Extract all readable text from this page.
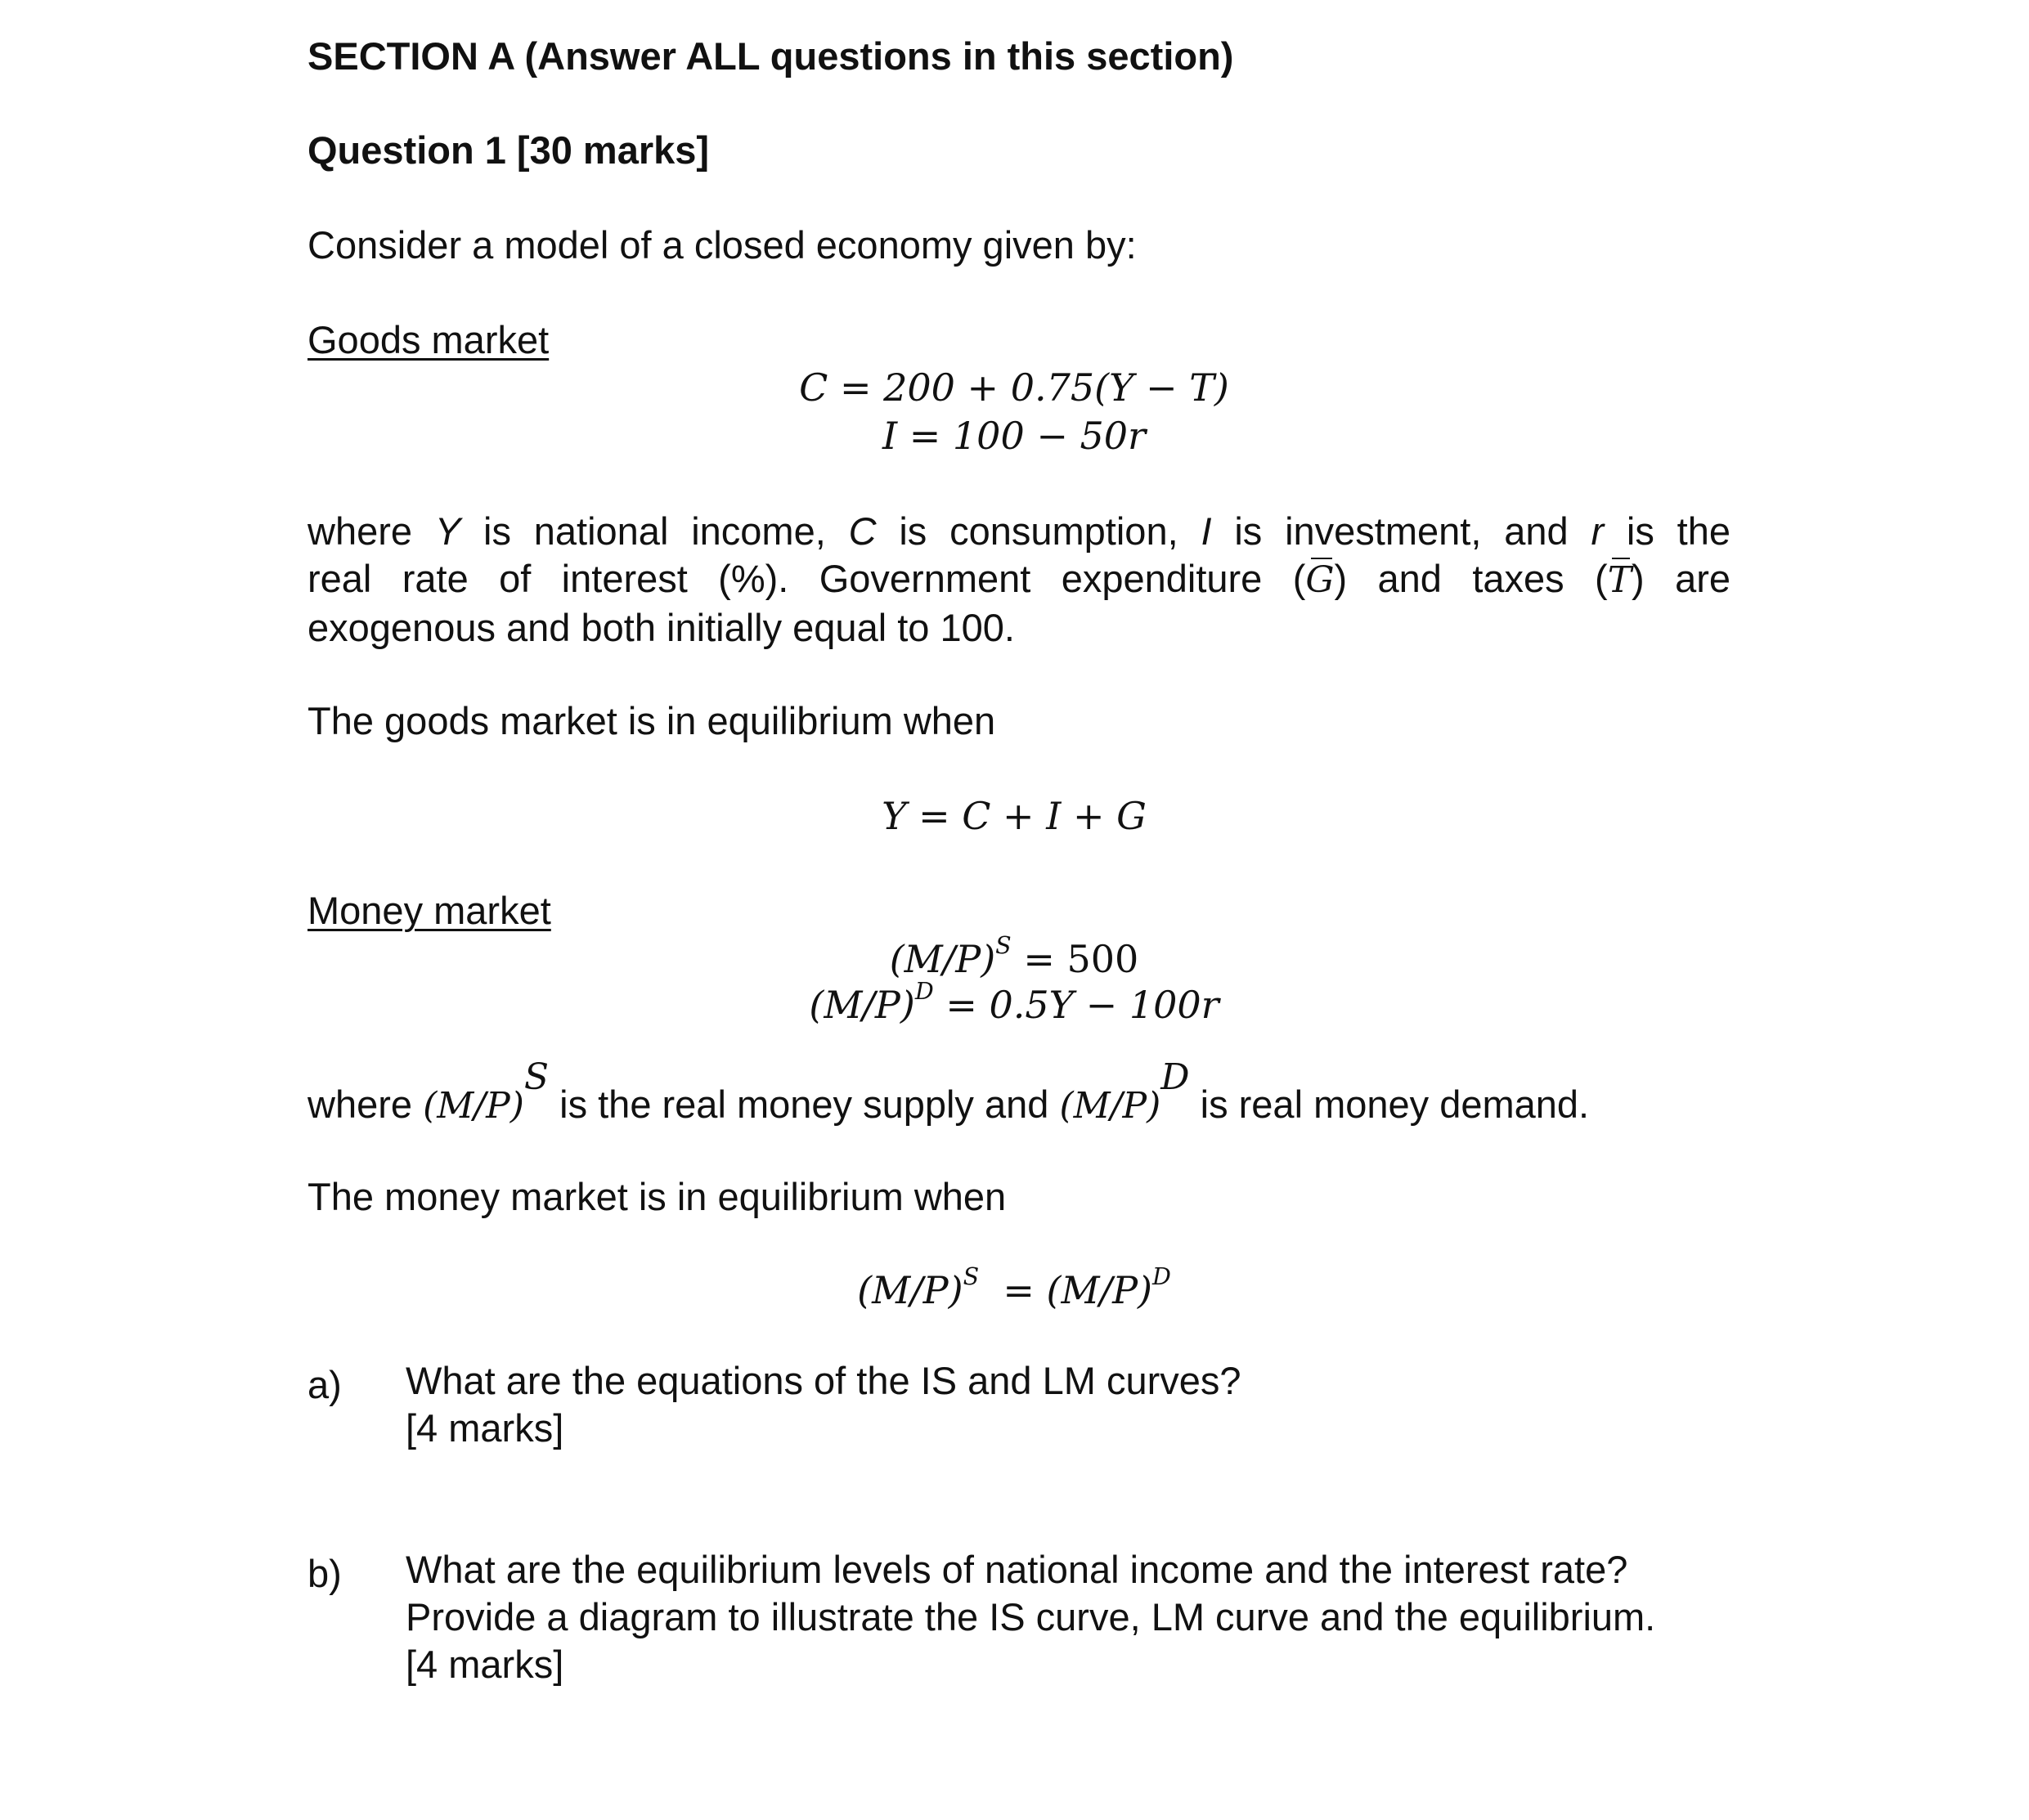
SECTION A (Answer ALL questions in this section)
Question 1 [30 marks]
Consider a model of a closed economy given by:
Goods market
C = 200 + 0.75(Y − T)
I = 100 − 50r
where Y is national income, C is consumption, I is investment, and r is the
real rate of interest (%). Government expenditure (G) and taxes (T) are
exogenous and both initially equal to 100.
The goods market is in equilibrium when
Y = C + I + G
Money market
$(M/P)^S = 500$
$(M/P)^D = 0.5Y - 100r$
where $(M/P)^S$ is the real money supply and $(M/P)^D$ is real money demand.
The money market is in equilibrium when
$(M/P)^S = (M/P)^D$
a) What are the equations of the IS and LM curves?
[4 marks]
b) What are the equilibrium levels of national income and the interest rate?
Provide a diagram to illustrate the IS curve, LM curve and the equilibrium.
[4 marks]
